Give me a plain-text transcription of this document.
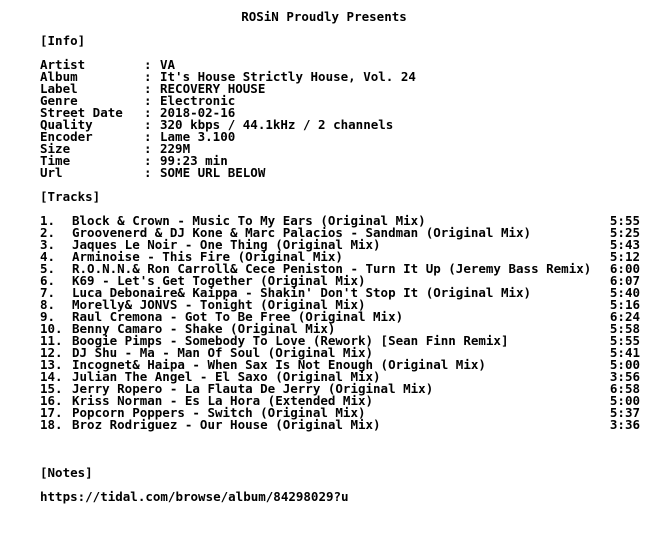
ROSiN Proudly Presents
[Info]
Artist	: VA
Album	: It's House Strictly House, Vol. 24
Label	: RECOVERY HOUSE
Genre	: Electronic
Street Date : 2018-02-16
Quality	: 320 kbps / 44.1kHz / 2 channels
Encoder	: Lame 3.100
Size	: 229M
Time	: 99:23 min
Url	: SOME URL BELOW
[Tracks]
1. Block & Crown - Music To My Ears (Original Mix)	5:55
2. Groovenerd & DJ Kone & Marc Palacios - Sandman (Original Mix)	5:25
3. Jaques Le Noir - One Thing (Original Mix)	5:43
4. Arminoise - This Fire (Original Mix)	5:12
5. R.O.N.N.& Ron Carroll& Cece Peniston - Turn It Up (Jeremy Bass Remix)	6:00
6. K69 - Let's Get Together (Original Mix)	6:07
7. Luca Debonaire& Kaippa - Shakin' Don't Stop It (Original Mix)	5:40
8. Morelly& JONVS - Tonight (Original Mix)	5:16
9. Raul Cremona - Got To Be Free (Original Mix)	6:24
10. Benny Camaro - Shake (Original Mix)	5:58
11. Boogie Pimps - Somebody To Love (Rework) [Sean Finn Remix]	5:55
12. DJ Shu - Ma - Man Of Soul (Original Mix)	5:41
13. Incognet& Haipa - When Sax Is Not Enough (Original Mix)	5:00
14. Julian The Angel - El Saxo (Original Mix)	3:56
15. Jerry Ropero - La Flauta De Jerry (Original Mix)	6:58
16. Kriss Norman - Es La Hora (Extended Mix)	5:00
17. Popcorn Poppers - Switch (Original Mix)	5:37
18. Broz Rodriguez - Our House (Original Mix)	3:36
[Notes]
https://tidal.com/browse/album/84298029?u
